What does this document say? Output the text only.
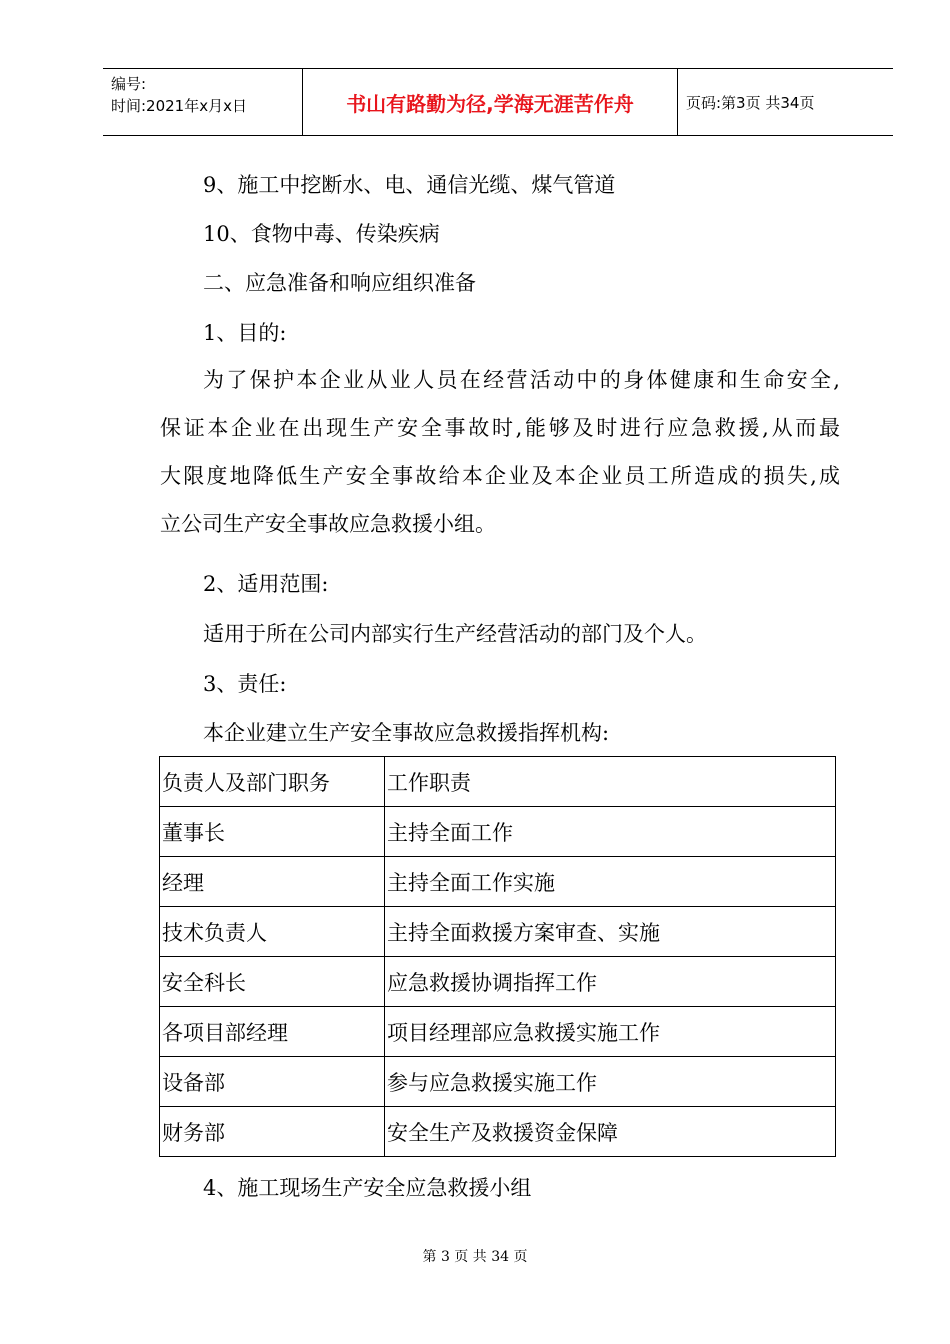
编号:
时间:2021年x月x日	书山有路勤为径,学海无涯苦作舟	页码:第3页 共34页
9、施工中挖断水、电、通信光缆、煤气管道
10、食物中毒、传染疾病
二、应急准备和响应组织准备
1、目的:

为了保护本企业从业人员在经营活动中的身体健康和生命安全,

保证本企业在出现生产安全事故时,能够及时进行应急救援,从而最

大限度地降低生产安全事故给本企业及本企业员工所造成的损失,成

立公司生产安全事故应急救援小组。

2、适用范围:
适用于所在公司内部实行生产经营活动的部门及个人。
3、责任:
本企业建立生产安全事故应急救援指挥机构:
负责人及部门职务	工作职责
董事长	主持全面工作
经理	主持全面工作实施
技术负责人	主持全面救援方案审查、实施
安全科长	应急救援协调指挥工作
各项目部经理	项目经理部应急救援实施工作
设备部	参与应急救援实施工作
财务部	安全生产及救援资金保障
4、施工现场生产安全应急救援小组
第 3 页 共 34 页
